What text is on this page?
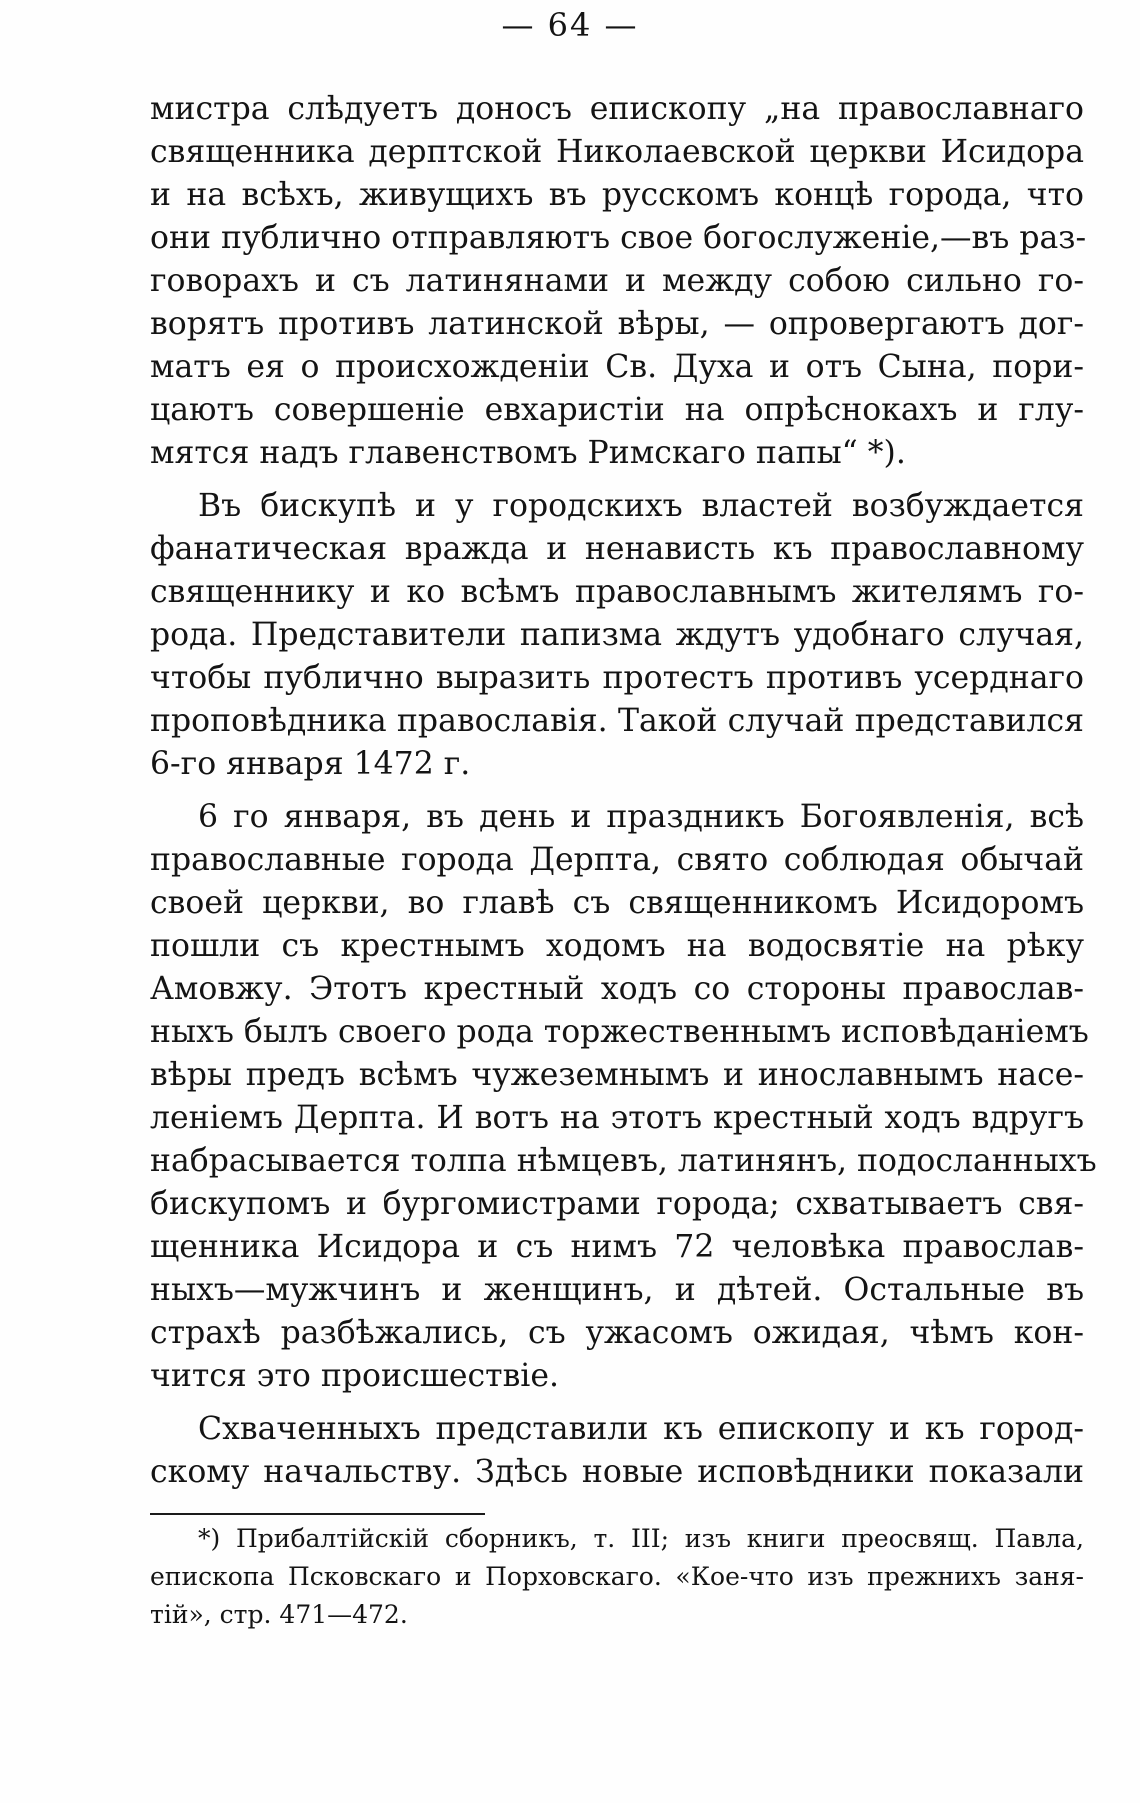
— 64 —
мистра слѣдуетъ доносъ епископу „на православнаго
священника дерптской Николаевской церкви Исидора
и на всѣхъ, живущихъ въ русскомъ концѣ города, что
они публично отправляютъ свое богослуженіе,—въ раз-
говорахъ и съ латинянами и между собою сильно го-
ворятъ противъ латинской вѣры, — опровергаютъ дог-
матъ ея о происхожденіи Св. Духа и отъ Сына, пори-
цаютъ совершеніе евхаристіи на опрѣснокахъ и глу-
мятся надъ главенствомъ Римскаго папы“ *).
Въ бискупѣ и у городскихъ властей возбуждается
фанатическая вражда и ненависть къ православному
священнику и ко всѣмъ православнымъ жителямъ го-
рода. Представители папизма ждутъ удобнаго случая,
чтобы публично выразить протестъ противъ усерднаго
проповѣдника православія. Такой случай представился
6-го января 1472 г.
6 го января, въ день и праздникъ Богоявленія, всѣ
православные города Дерпта, свято соблюдая обычай
своей церкви, во главѣ съ священникомъ Исидоромъ
пошли съ крестнымъ ходомъ на водосвятіе на рѣку
Амовжу. Этотъ крестный ходъ со стороны православ-
ныхъ былъ своего рода торжественнымъ исповѣданіемъ
вѣры предъ всѣмъ чужеземнымъ и инославнымъ насе-
леніемъ Дерпта. И вотъ на этотъ крестный ходъ вдругъ
набрасывается толпа нѣмцевъ, латинянъ, подосланныхъ
бискупомъ и бургомистрами города; схватываетъ свя-
щенника Исидора и съ нимъ 72 человѣка православ-
ныхъ—мужчинъ и женщинъ, и дѣтей. Остальные въ
страхѣ разбѣжались, съ ужасомъ ожидая, чѣмъ кон-
чится это происшествіе.
Схваченныхъ представили къ епископу и къ город-
скому начальству. Здѣсь новые исповѣдники показали
*) Прибалтійскій сборникъ, т. III; изъ книги преосвящ. Павла,
епископа Псковскаго и Порховскаго. «Кое-что изъ прежнихъ заня-
тій», стр. 471—472.
